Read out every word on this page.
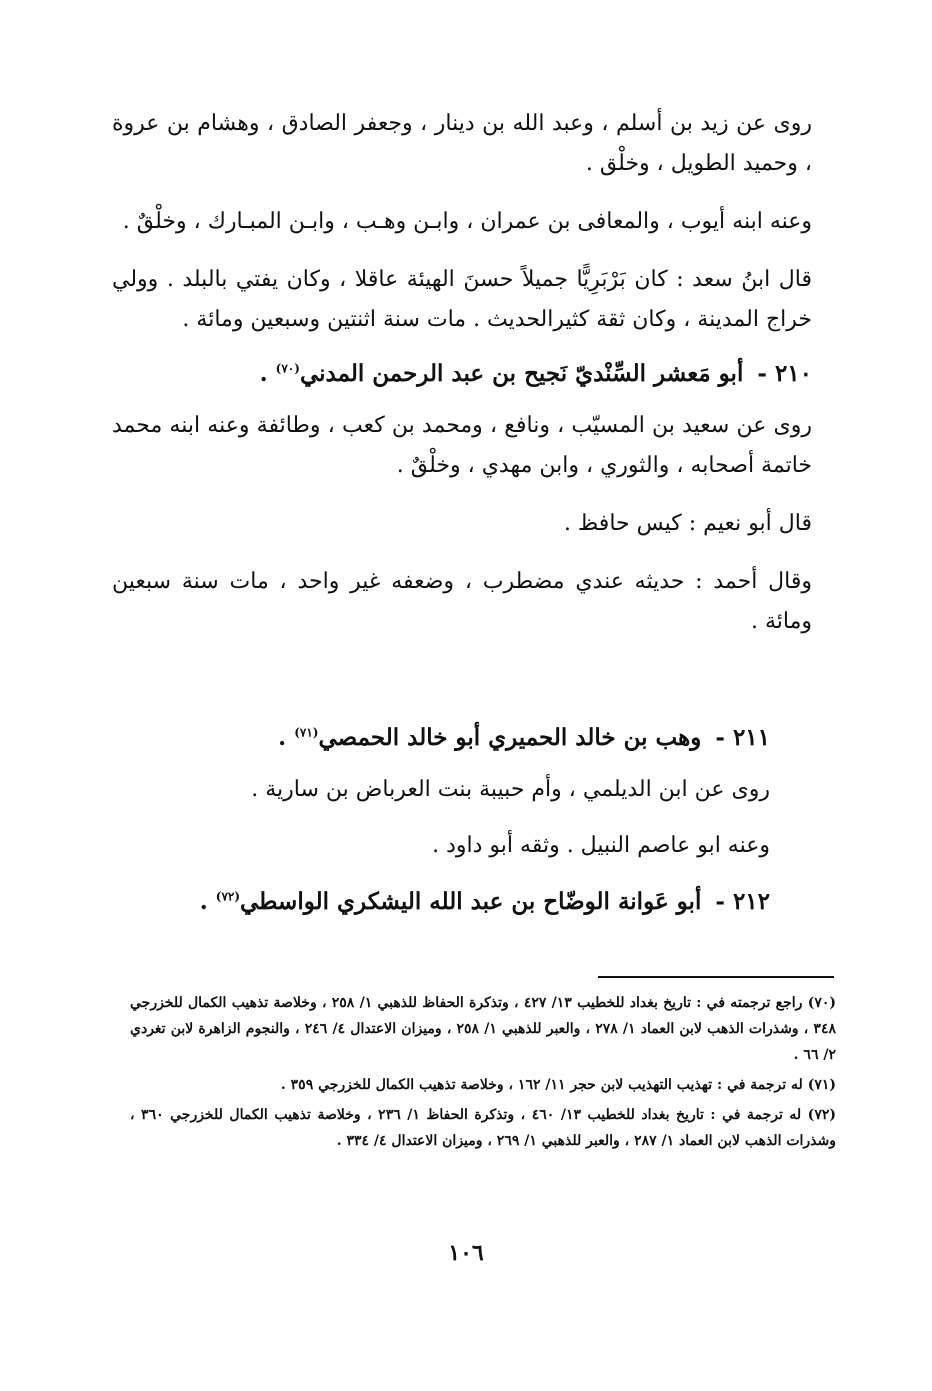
روى عن زيد بن أسلم ، وعبد الله بن دينار ، وجعفر الصادق ، وهشام بن عروة ، وحميد الطويل ، وخلْق .

وعنه ابنه أيوب ، والمعافى بن عمران ، وابـن وهـب ، وابـن المبـارك ، وخلْقٌ .

قال ابنُ سعد : كان بَرْبَرِيًّا جميلاً حسنَ الهيئة عاقلا ، وكان يفتي بالبلد . وولي خراج المدينة ، وكان ثقة كثيرالحديث . مات سنة اثنتين وسبعين ومائة .

٢١٠ - أبو مَعشر السِّنْديّ نَجيح بن عبد الرحمن المدني$^{(٧٠)}$ .

روى عن سعيد بن المسيّب ، ونافع ، ومحمد بن كعب ، وطائفة وعنه ابنه محمد خاتمة أصحابه ، والثوري ، وابن مهدي ، وخلْقٌ .

قال أبو نعيم : كيس حافظ .

وقال أحمد : حديثه عندي مضطرب ، وضعفه غير واحد ، مات سنة سبعين ومائة .

٢١١ - وهب بن خالد الحميري أبو خالد الحمصي$^{(٧١)}$ .

روى عن ابن الديلمي ، وأم حبيبة بنت العرباض بن سارية .

وعنه ابو عاصم النبيل . وثقه أبو داود .

٢١٢ - أبو عَوانة الوضّاح بن عبد الله اليشكري الواسطي$^{(٧٢)}$ .

(٧٠) راجع ترجمته في : تاريخ بغداد للخطيب ١٣/ ٤٢٧ ، وتذكرة الحفاظ للذهبي ١/ ٢٥٨ ، وخلاصة تذهيب الكمال للخزرجي ٣٤٨ ، وشذرات الذهب لابن العماد ١/ ٢٧٨ ، والعبر للذهبي ١/ ٢٥٨ ، وميزان الاعتدال ٤/ ٢٤٦ ، والنجوم الزاهرة لابن تغردي ٢/ ٦٦ .

(٧١) له ترجمة في : تهذيب التهذيب لابن حجر ١١/ ١٦٢ ، وخلاصة تذهيب الكمال للخزرجي ٣٥٩ .

(٧٢) له ترجمة في : تاريخ بغداد للخطيب ١٣/ ٤٦٠ ، وتذكرة الحفاظ ١/ ٢٣٦ ، وخلاصة تذهيب الكمال للخزرجي ٣٦٠ ، وشذرات الذهب لابن العماد ١/ ٢٨٧ ، والعبر للذهبي ١/ ٢٦٩ ، وميزان الاعتدال ٤/ ٣٣٤ .

١٠٦
